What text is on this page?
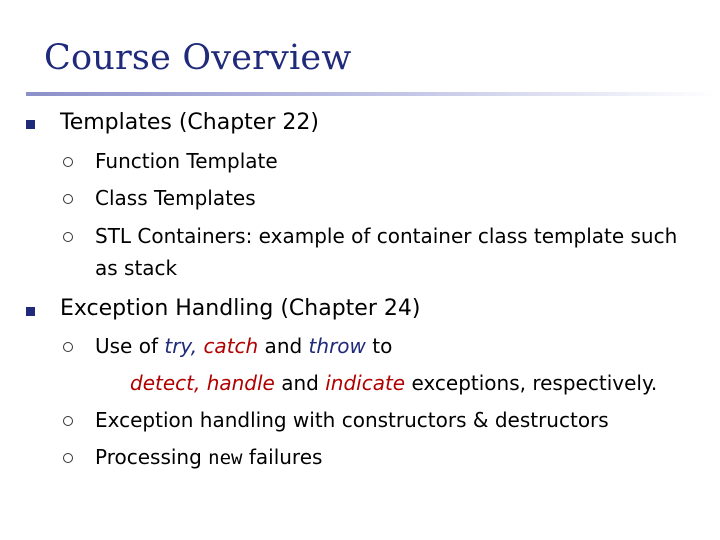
Course Overview
Templates (Chapter 22)
Function Template
Class Templates
STL Containers: example of container class template such
as stack
Exception Handling (Chapter 24)
Use of try, catch and throw to
detect, handle and indicate exceptions, respectively.
Exception handling with constructors & destructors
Processing new failures
